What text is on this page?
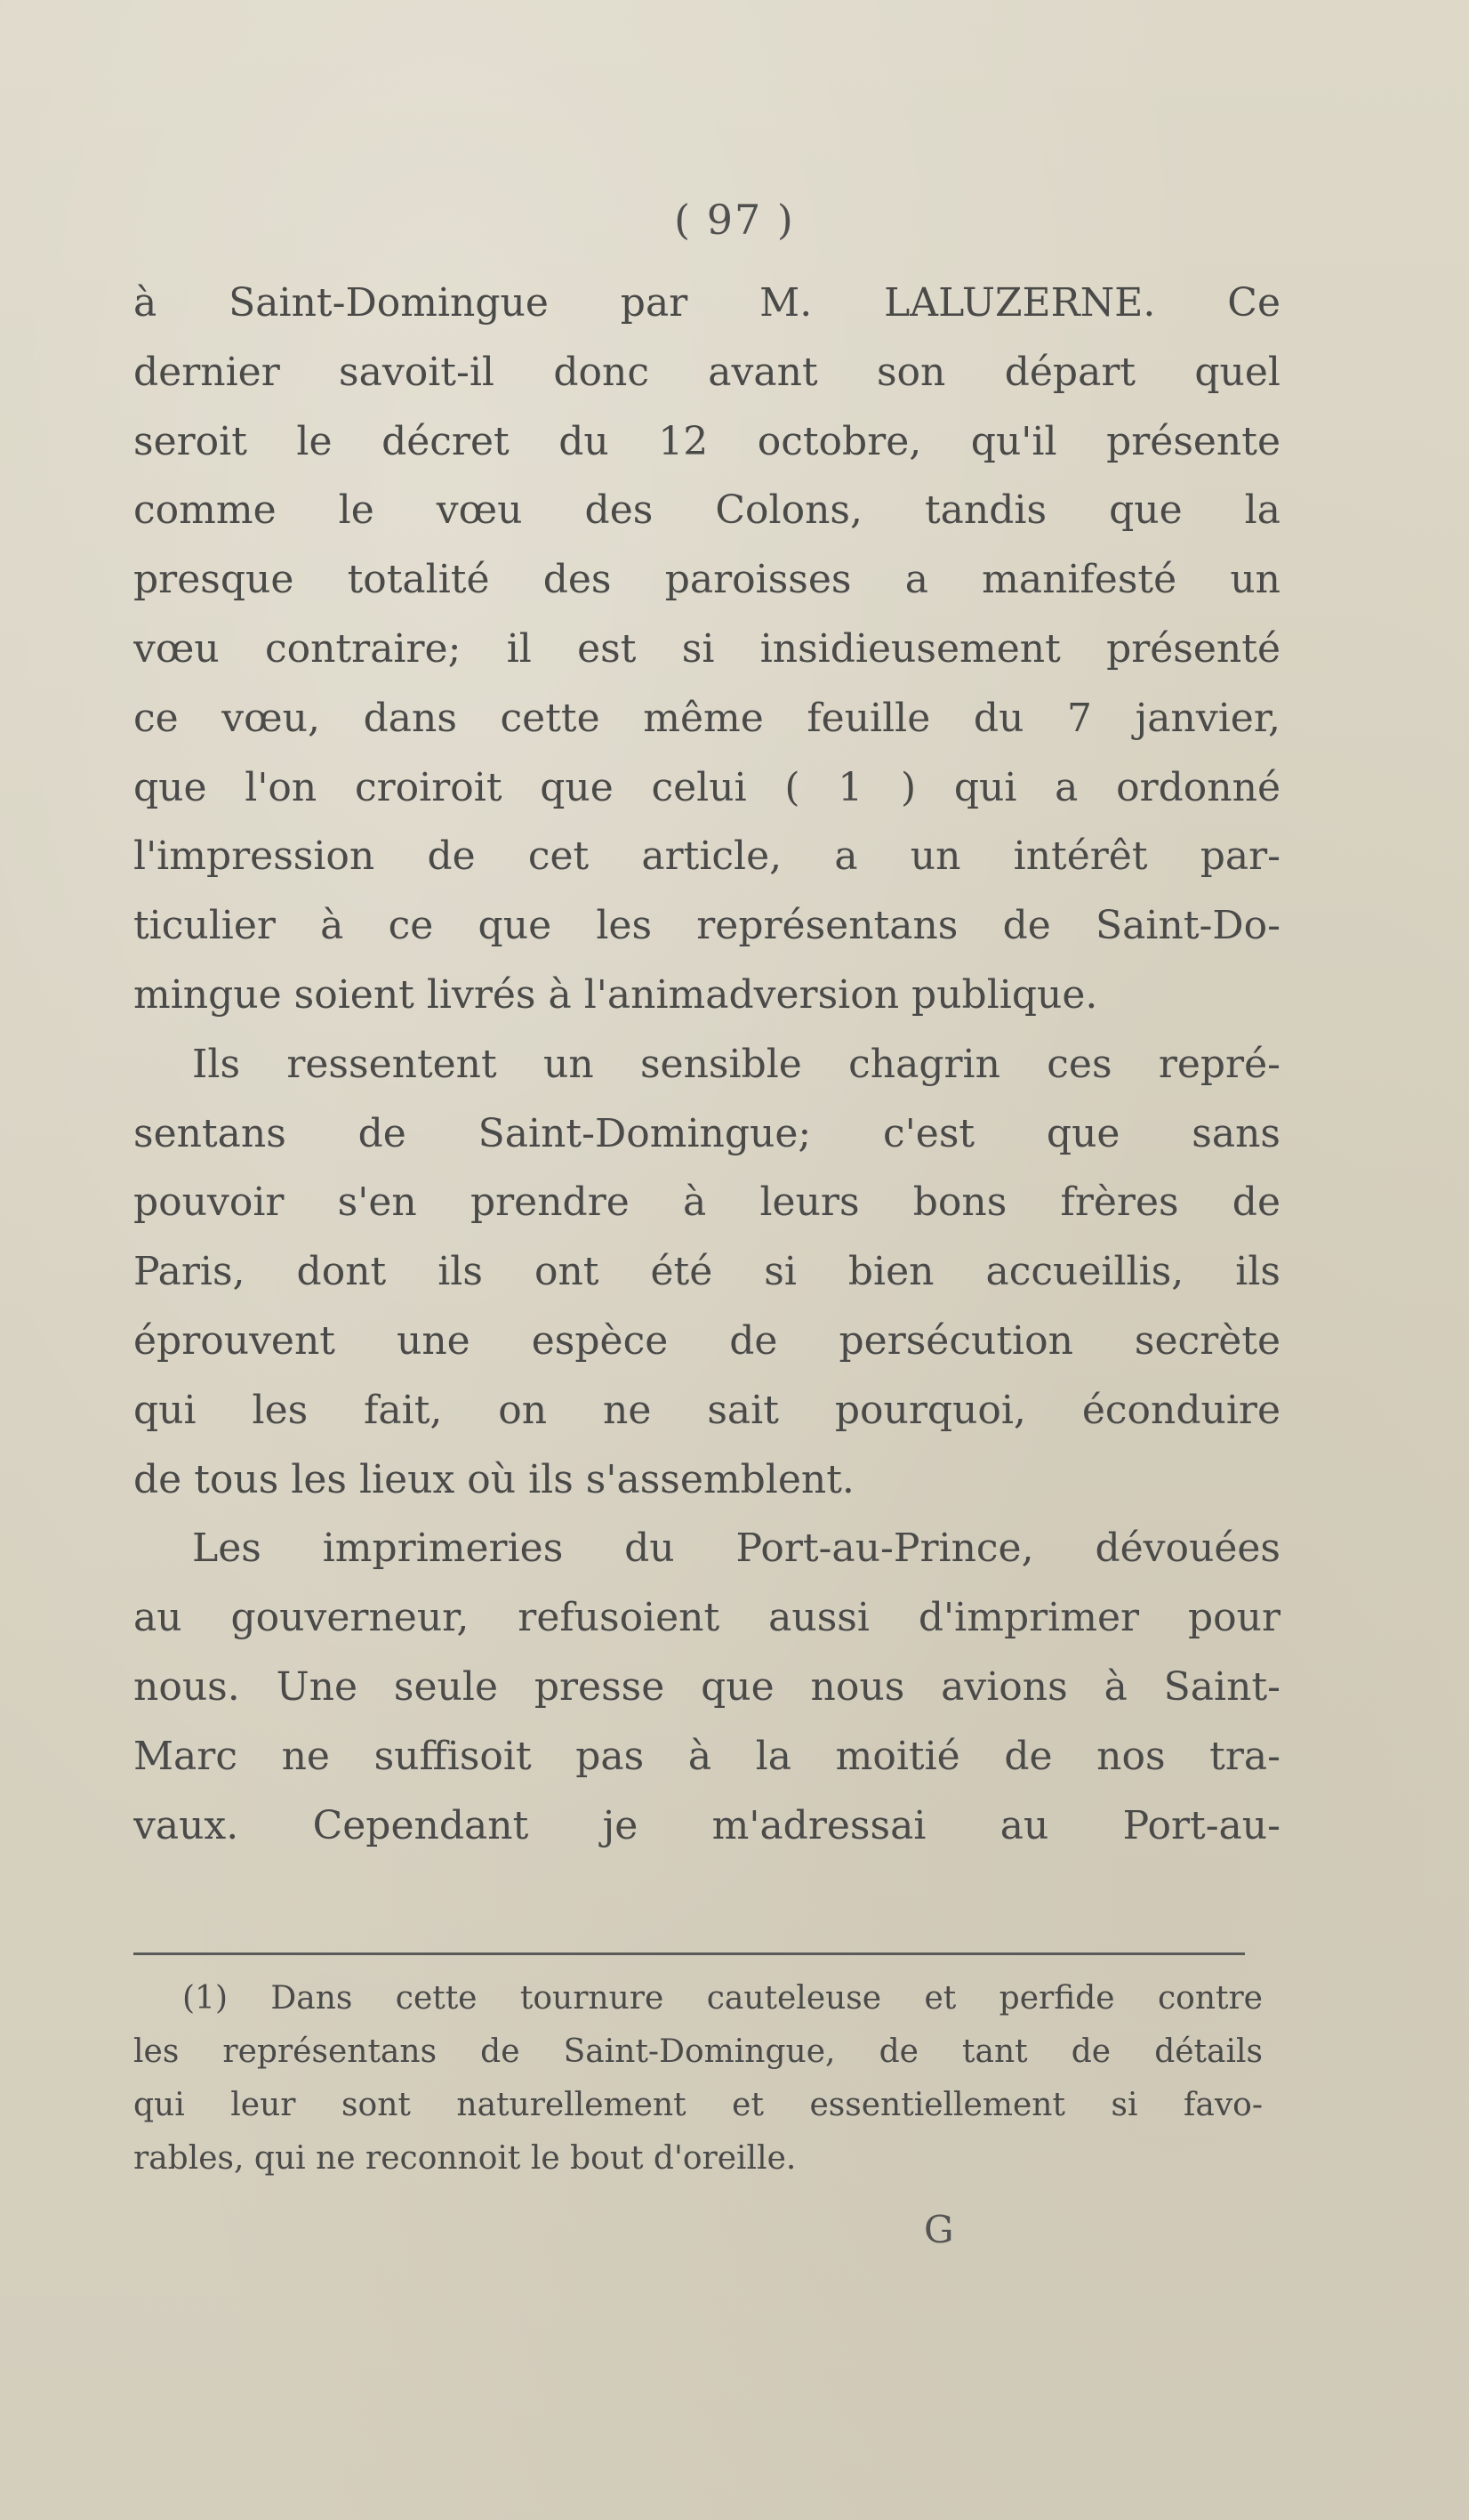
( 97 )
à Saint-Domingue par M. LALUZERNE. Ce
dernier savoit-il donc avant son départ quel
seroit le décret du 12 octobre, qu'il présente
comme le vœu des Colons, tandis que la
presque totalité des paroisses a manifesté un
vœu contraire; il est si insidieusement présenté
ce vœu, dans cette même feuille du 7 janvier,
que l'on croiroit que celui ( 1 ) qui a ordonné
l'impression de cet article, a un intérêt par-
ticulier à ce que les représentans de Saint-Do-
mingue soient livrés à l'animadversion publique.
Ils ressentent un sensible chagrin ces repré-
sentans de Saint-Domingue; c'est que sans
pouvoir s'en prendre à leurs bons frères de
Paris, dont ils ont été si bien accueillis, ils
éprouvent une espèce de persécution secrète
qui les fait, on ne sait pourquoi, éconduire
de tous les lieux où ils s'assemblent.
Les imprimeries du Port-au-Prince, dévouées
au gouverneur, refusoient aussi d'imprimer pour
nous. Une seule presse que nous avions à Saint-
Marc ne suffisoit pas à la moitié de nos tra-
vaux. Cependant je m'adressai au Port-au-
(1) Dans cette tournure cauteleuse et perfide contre
les représentans de Saint-Domingue, de tant de détails
qui leur sont naturellement et essentiellement si favo-
rables, qui ne reconnoit le bout d'oreille.
G
